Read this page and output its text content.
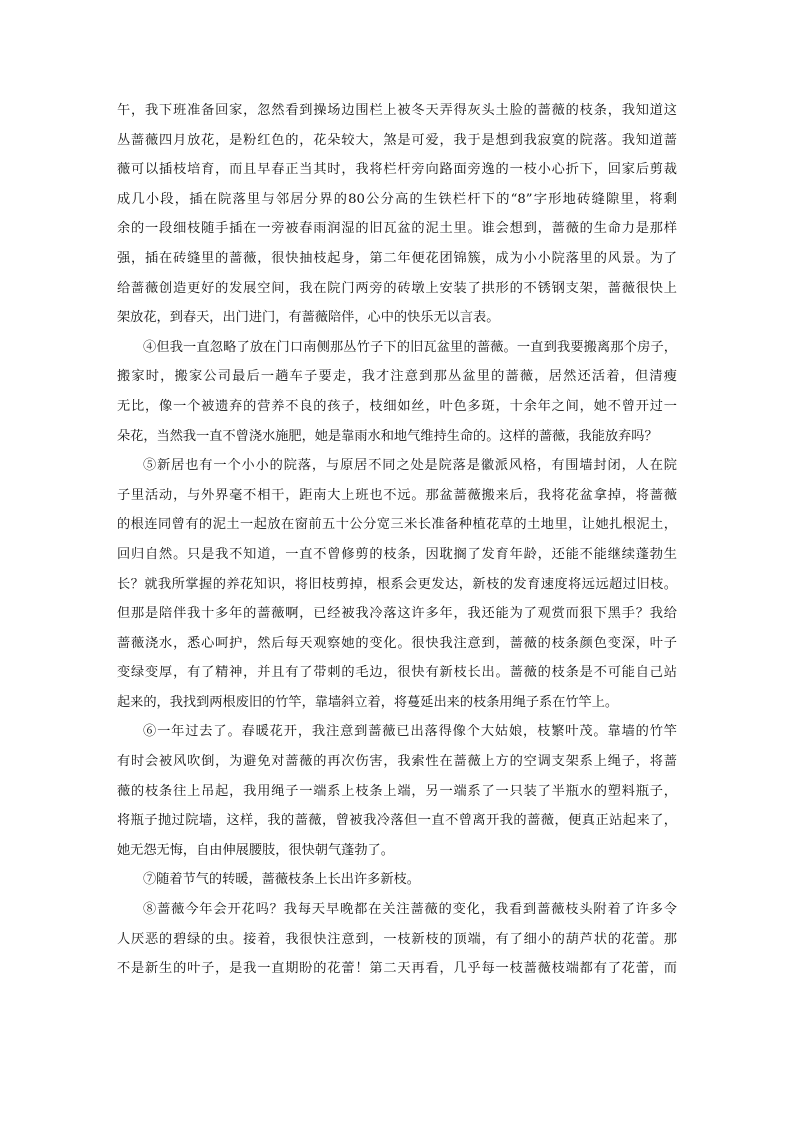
午，我下班准备回家，忽然看到操场边围栏上被冬天弄得灰头土脸的蔷薇的枝条，我知道这
丛蔷薇四月放花，是粉红色的，花朵较大，煞是可爱，我于是想到我寂寞的院落。我知道蔷
薇可以插枝培育，而且早春正当其时，我将栏杆旁向路面旁逸的一枝小心折下，回家后剪裁
成几小段，插在院落里与邻居分界的80公分高的生铁栏杆下的“8”字形地砖缝隙里，将剩
余的一段细枝随手插在一旁被春雨润湿的旧瓦盆的泥土里。谁会想到，蔷薇的生命力是那样
强，插在砖缝里的蔷薇，很快抽枝起身，第二年便花团锦簇，成为小小院落里的风景。为了
给蔷薇创造更好的发展空间，我在院门两旁的砖墩上安装了拱形的不锈钢支架，蔷薇很快上
架放花，到春天，出门进门，有蔷薇陪伴，心中的快乐无以言表。
④但我一直忽略了放在门口南侧那丛竹子下的旧瓦盆里的蔷薇。一直到我要搬离那个房子，
搬家时，搬家公司最后一趟车子要走，我才注意到那丛盆里的蔷薇，居然还活着，但清瘦
无比，像一个被遗弃的营养不良的孩子，枝细如丝，叶色多斑，十余年之间，她不曾开过一
朵花，当然我一直不曾浇水施肥，她是靠雨水和地气维持生命的。这样的蔷薇，我能放弃吗？
⑤新居也有一个小小的院落，与原居不同之处是院落是徽派风格，有围墙封闭，人在院
子里活动，与外界毫不相干，距南大上班也不远。那盆蔷薇搬来后，我将花盆拿掉，将蔷薇
的根连同曾有的泥土一起放在窗前五十公分宽三米长准备种植花草的土地里，让她扎根泥土，
回归自然。只是我不知道，一直不曾修剪的枝条，因耽搁了发育年龄，还能不能继续蓬勃生
长？就我所掌握的养花知识，将旧枝剪掉，根系会更发达，新枝的发育速度将远远超过旧枝。
但那是陪伴我十多年的蔷薇啊，已经被我冷落这许多年，我还能为了观赏而狠下黑手？我给
蔷薇浇水，悉心呵护，然后每天观察她的变化。很快我注意到，蔷薇的枝条颜色变深，叶子
变绿变厚，有了精神，并且有了带刺的毛边，很快有新枝长出。蔷薇的枝条是不可能自己站
起来的，我找到两根废旧的竹竿，靠墙斜立着，将蔓延出来的枝条用绳子系在竹竿上。
⑥一年过去了。春暖花开，我注意到蔷薇已出落得像个大姑娘，枝繁叶茂。靠墙的竹竿
有时会被风吹倒，为避免对蔷薇的再次伤害，我索性在蔷薇上方的空调支架系上绳子，将蔷
薇的枝条往上吊起，我用绳子一端系上枝条上端，另一端系了一只装了半瓶水的塑料瓶子，
将瓶子抛过院墙，这样，我的蔷薇，曾被我冷落但一直不曾离开我的蔷薇，便真正站起来了，
她无怨无悔，自由伸展腰肢，很快朝气蓬勃了。
⑦随着节气的转暖，蔷薇枝条上长出许多新枝。
⑧蔷薇今年会开花吗？我每天早晚都在关注蔷薇的变化，我看到蔷薇枝头附着了许多令
人厌恶的碧绿的虫。接着，我很快注意到，一枝新枝的顶端，有了细小的葫芦状的花蕾。那
不是新生的叶子，是我一直期盼的花蕾！第二天再看，几乎每一枝蔷薇枝端都有了花蕾，而
